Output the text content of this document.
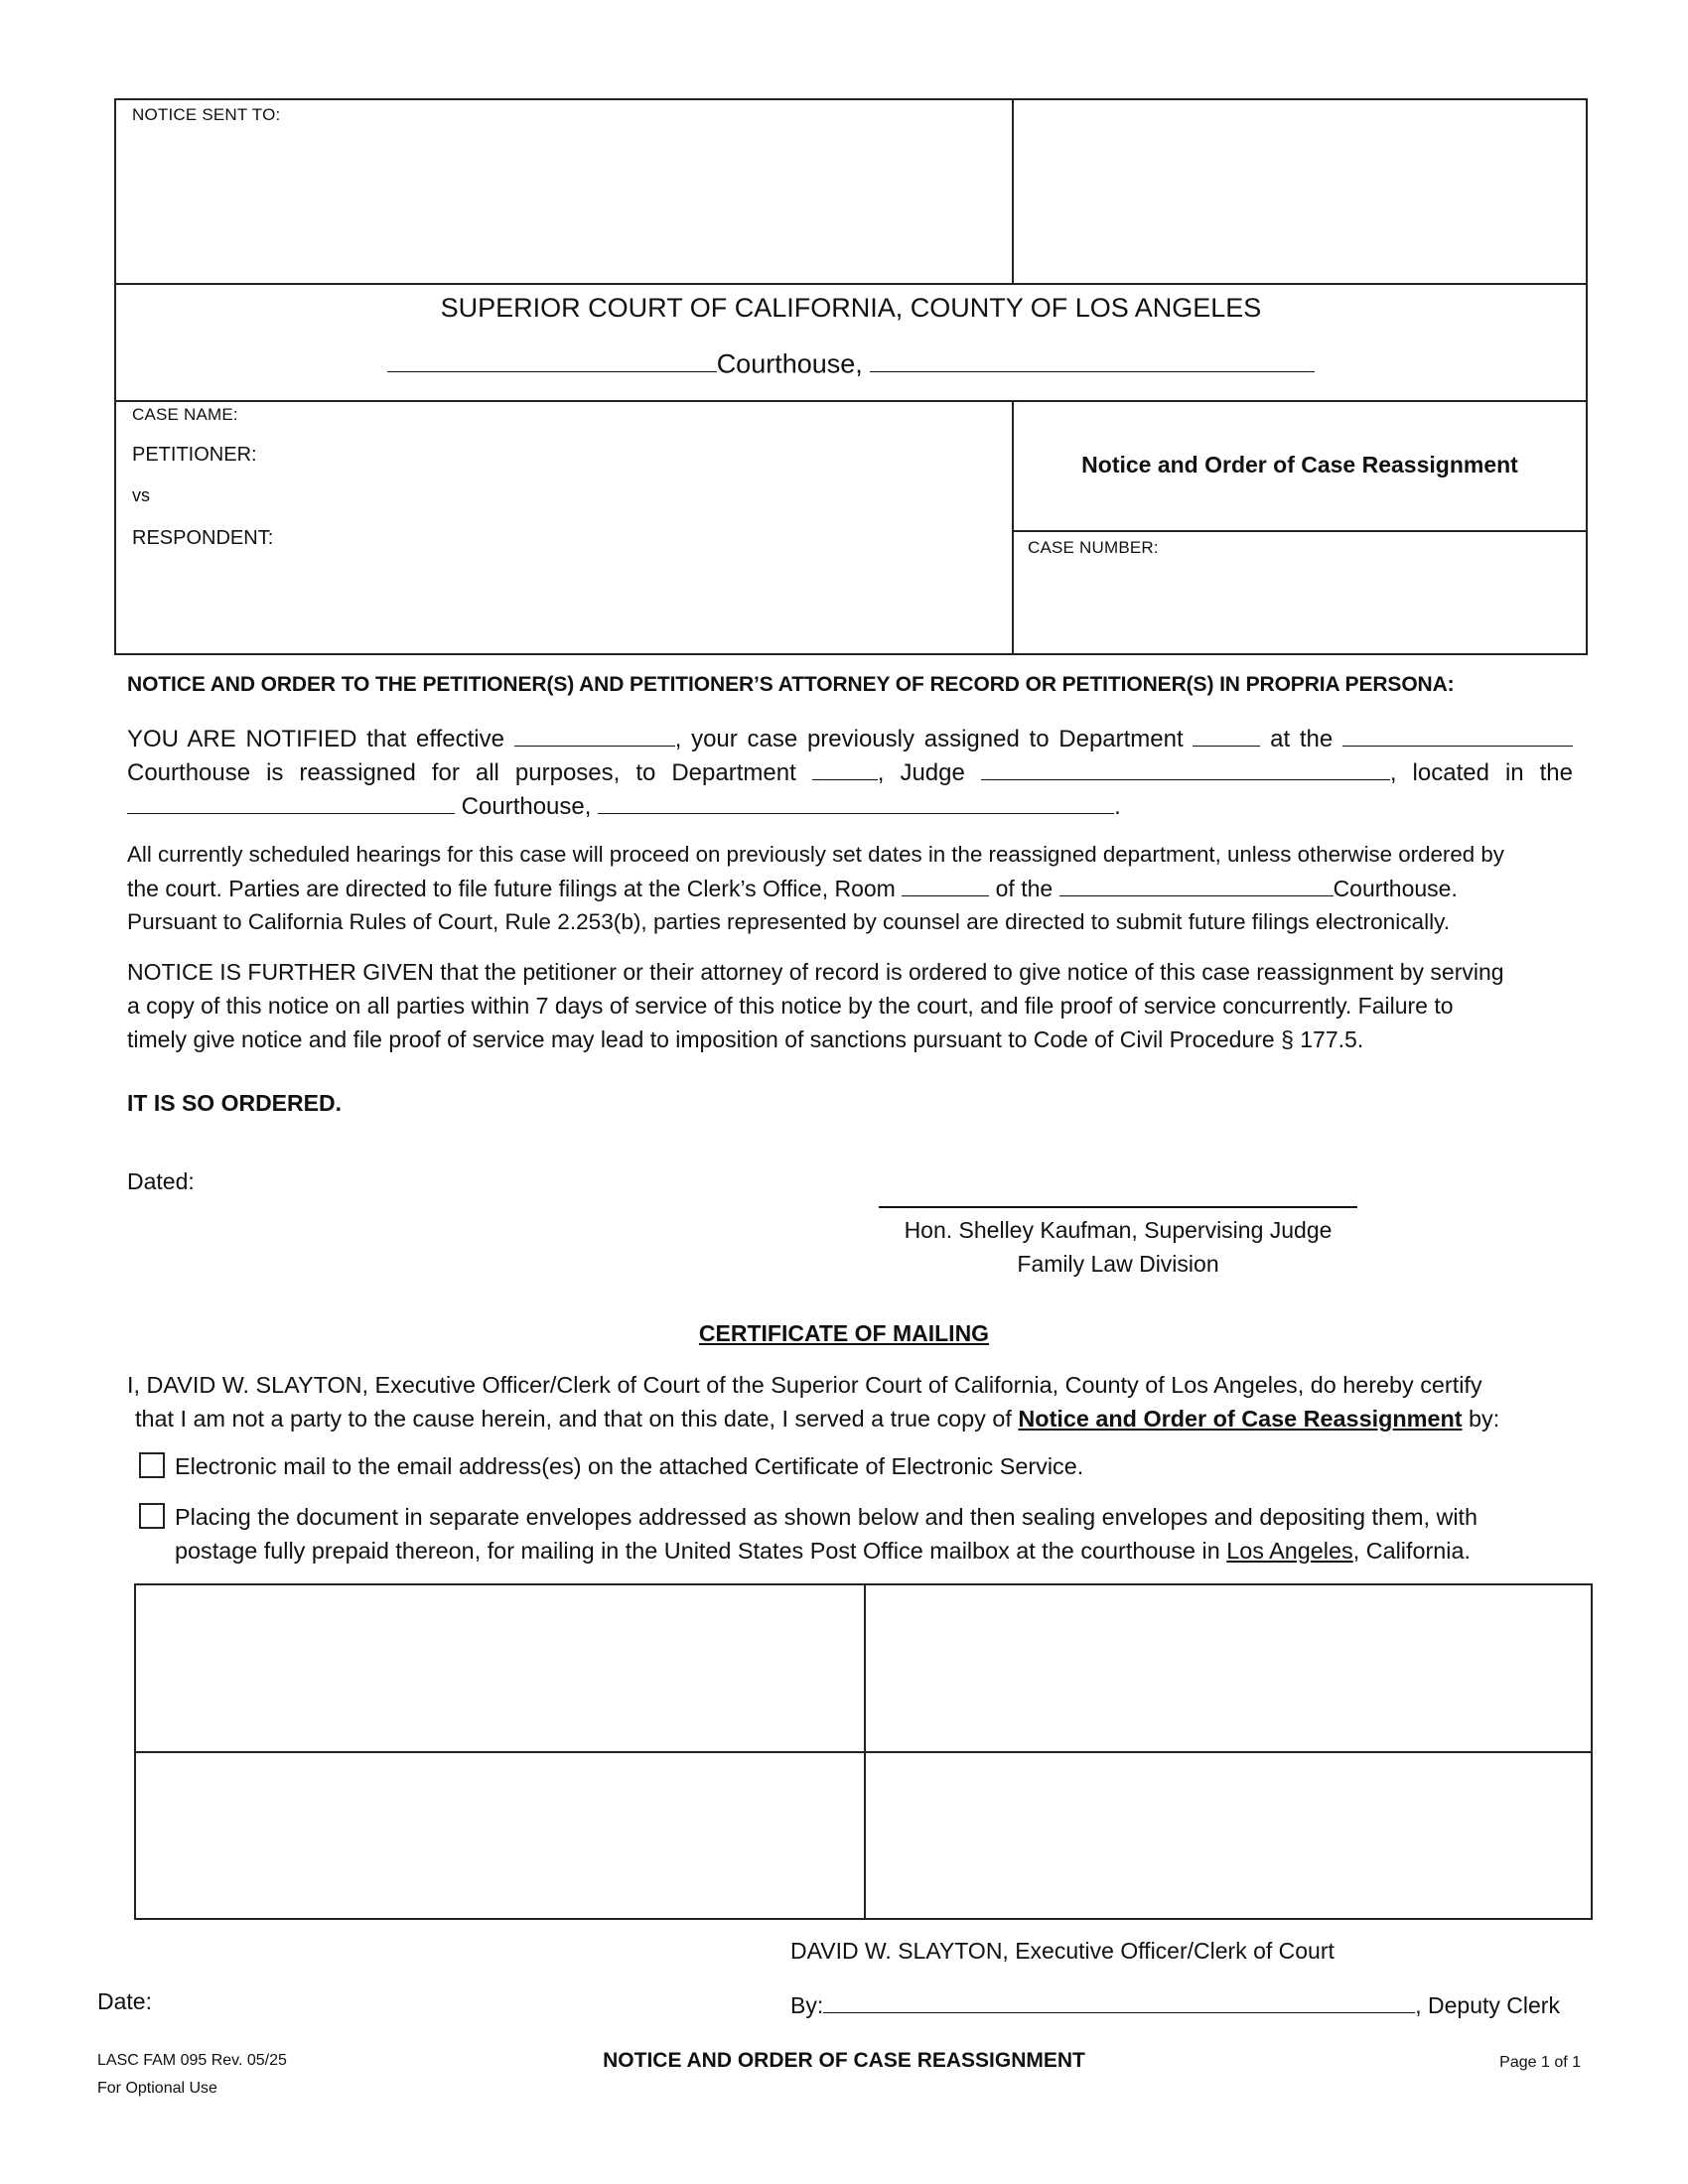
NOTICE SENT TO:
SUPERIOR COURT OF CALIFORNIA, COUNTY OF LOS ANGELES
Courthouse,
CASE NAME:
PETITIONER:
vs
RESPONDENT:
Notice and Order of Case Reassignment
CASE NUMBER:
NOTICE AND ORDER TO THE PETITIONER(S) AND PETITIONER’S ATTORNEY OF RECORD OR PETITIONER(S) IN PROPRIA PERSONA:
YOU ARE NOTIFIED that effective	, your case previously assigned to Department	at the
Courthouse is reassigned for all purposes, to Department	, Judge	, located in the
Courthouse,	.
All currently scheduled hearings for this case will proceed on previously set dates in the reassigned department, unless otherwise ordered by
the court. Parties are directed to file future filings at the Clerk’s Office, Room	of the	Courthouse.
Pursuant to California Rules of Court, Rule 2.253(b), parties represented by counsel are directed to submit future filings electronically.
NOTICE IS FURTHER GIVEN that the petitioner or their attorney of record is ordered to give notice of this case reassignment by serving
a copy of this notice on all parties within 7 days of service of this notice by the court, and file proof of service concurrently. Failure to
timely give notice and file proof of service may lead to imposition of sanctions pursuant to Code of Civil Procedure § 177.5.
IT IS SO ORDERED.
Dated:
Hon. Shelley Kaufman, Supervising Judge
Family Law Division
CERTIFICATE OF MAILING
I, DAVID W. SLAYTON, Executive Officer/Clerk of Court of the Superior Court of California, County of Los Angeles, do hereby certify
that I am not a party to the cause herein, and that on this date, I served a true copy of Notice and Order of Case Reassignment by:
Electronic mail to the email address(es) on the attached Certificate of Electronic Service.
Placing the document in separate envelopes addressed as shown below and then sealing envelopes and depositing them, with
postage fully prepaid thereon, for mailing in the United States Post Office mailbox at the courthouse in Los Angeles, California.
DAVID W. SLAYTON, Executive Officer/Clerk of Court
Date:	By:	, Deputy Clerk
LASC FAM 095 Rev. 05/25
For Optional Use
NOTICE AND ORDER OF CASE REASSIGNMENT	Page 1 of 1
